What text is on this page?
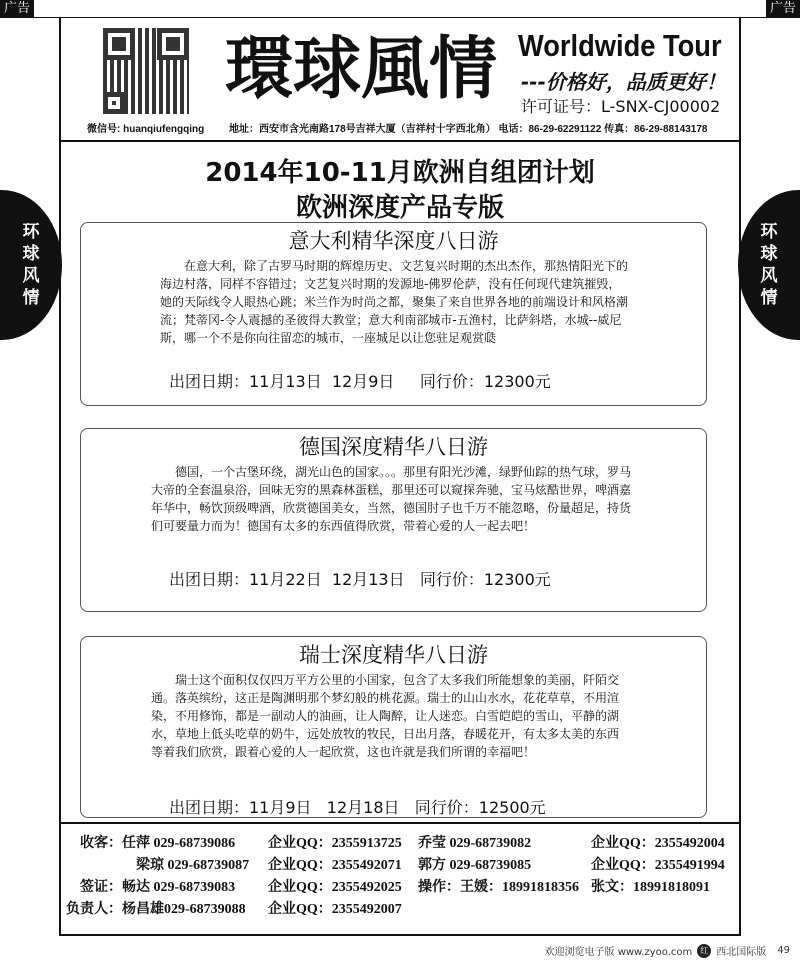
广告	广告
環球風情 Worldwide Tour
---价格好，品质更好！
许可证号：L-SNX-CJ00002
微信号: huanqiufengqing 地址：西安市含光南路178号吉祥大厦（吉祥村十字西北角） 电话：86-29-62291122 传真：86-29-88143178
2014年10-11月欧洲自组团计划
欧洲深度产品专版
环
球
风
情
环
球
风
情
意大利精华深度八日游
　　在意大利，除了古罗马时期的辉煌历史、文艺复兴时期的杰出杰作，那热情阳光下的海边村落，同样不容错过；文艺复兴时期的发源地-佛罗伦萨，没有任何现代建筑摧毁，她的天际线令人眼热心跳；米兰作为时尚之都，聚集了来自世界各地的前端设计和风格潮流；梵蒂冈-令人震撼的圣彼得大教堂；意大利南部城市-五渔村，比萨斜塔，水城--威尼斯，哪一个不是你向往留恋的城市，一座城足以让您驻足观赏瓞
出团日期：11月13日  12月9日     同行价：12300元
德国深度精华八日游
　　德国，一个古堡环绕，湖光山色的国家。。。那里有阳光沙滩，绿野仙踪的热气球，罗马大帝的全套温泉浴，回味无穷的黑森林蛋糕，那里还可以窥探奔驰，宝马炫酷世界，啤酒嘉年华中，畅饮顶级啤酒，欣赏德国美女，当然，德国肘子也千万不能忽略，份量超足，持货们可要量力而为！德国有太多的东西值得欣赏，带着心爱的人一起去吧！
出团日期：11月22日  12月13日   同行价：12300元
瑞士深度精华八日游
　　瑞士这个面积仅仅四万平方公里的小国家，包含了太多我们所能想象的美丽，阡陌交通。落英缤纷，这正是陶渊明那个梦幻般的桃花源。瑞士的山山水水，花花草草，不用渲染，不用修饰，都是一副动人的油画，让人陶醉，让人迷恋。白雪皑皑的雪山，平静的湖水，草地上低头吃草的奶牛，远处放牧的牧民，日出月落，春暖花开，有太多太美的东西等着我们欣赏，跟着心爱的人一起欣赏，这也许就是我们所谓的幸福吧！
出团日期：11月9日   12月18日   同行价：12500元
收客：任萍 029-68739086 企业QQ：2355913725 乔莹 029-68739082	企业QQ：2355492004
梁琼 029-68739087 企业QQ：2355492071 郭方 029-68739085	企业QQ：2355491994
签证：畅达 029-68739083 企业QQ：2355492025 操作：王媛：18991818356 张文：18991818091
负责人：杨昌雄029-68739088 企业QQ：2355492007
欢迎浏览电子版 www.zyoo.com	红 西北国际版 49
